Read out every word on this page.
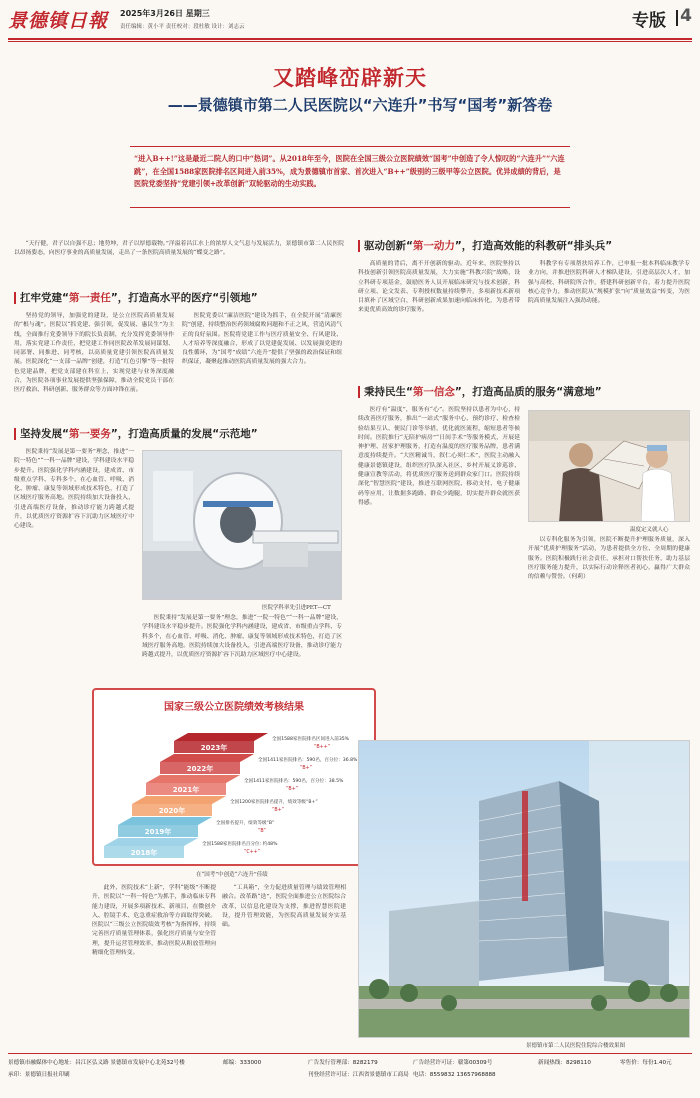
景德镇日報 2025年3月26日 星期三
责任编辑：黄小平 责任校对：段杜敏 设计：刘志云	专版 4
又踏峰峦辟新天
——景德镇市第二人民医院以“六连升”书写“国考”新答卷
“进入B++!”这是最近二院人的口中“热词”。从2018年至今，医院在全国三级公立医院绩效“国考”中创造了令人惊叹的“六连升”“六连跳”，在全国1588家医院排名区间进入前35%，成为景德镇市首家、首次进入“B++”级别的三级甲等公立医院。优异成绩的背后，是医院党委坚持“党建引领+改革创新”双轮驱动的生动实践。

“天行健，君子以自强不息；地势坤，君子以厚德载物。”洋溢着昌江水上的浓厚人文气息与发展活力，景德镇市第二人民医院以昂扬姿态，向医疗事业的高质量发展，走出了一条医院高质量发展的“蝶变之路”。

扛牢党建“第一责任”，打造高水平的医疗“引领地”

坚持党的领导，加强党的建设，是公立医院高质量发展的“根与魂”。医院以“抓党建、强引领，促发展、惠民生”为主线，全面推行党委领导下的院长负责制，充分发挥党委领导作用，落实党建工作责任，把党建工作同医院改革发展同谋划、同部署、同推进、同考核，以高质量党建引领医院高质量发展。医院深化“一支部一品牌”创建，打造“红色引擎”等一批特色党建品牌，把党支部建在科室上，实现党建与业务深度融合，为医院各项事业发展提供坚强保障，推动全院党员干部在医疗救治、科研创新、服务群众等方面冲锋在前。

医院党委以“廉洁医院”建设为抓手，在全院开展“清廉医院”创建，持续整治医药领域腐败问题和不正之风，营造风清气正的良好氛围。医院将党建工作与医疗质量安全、行风建设、人才培养等深度融合，形成了以党建促发展、以发展强党建的良性循环，为“国考”成绩“六连升”提供了坚强的政治保证和组织保证，凝聚起推动医院高质量发展的强大合力。

坚持发展“第一要务”，打造高质量的发展“示范地”

医院秉持“发展是第一要务”理念，推进“一院一特色”“一科一品牌”建设，学科建设水平稳步提升。医院强化学科内涵建设，建成省、市级重点学科、专科多个，在心血管、呼吸、消化、肿瘤、康复等领域形成技术特色，打造了区域医疗服务高地。医院持续加大设备投入，引进高端医疗设备，推动诊疗能力跨越式提升，以优质医疗资源扩容下沉助力区域医疗中心建设。

医院学科率先引进PET—CT

医院秉持“发展是第一要务”理念，推进“一院一特色”“一科一品牌”建设，学科建设水平稳步提升。医院强化学科内涵建设，建成省、市级重点学科、专科多个，在心血管、呼吸、消化、肿瘤、康复等领域形成技术特色，打造了区域医疗服务高地。医院持续加大设备投入，引进高端医疗设备，推动诊疗能力跨越式提升，以优质医疗资源扩容下沉助力区域医疗中心建设。

国家三级公立医院绩效考核结果
2018年
全国1588家医院排名百分位: 约48%
“C++”
2019年
全国排名提升，绩效等级“B”
“B”
2020年
全国1200家医院排名提升，绩效等级“B+”
“B+”
2021年
全国1411家医院排名：590名，百分位：38.5%
“B+”
2022年
全国1411家医院排名：590名，百分位：36.8%
“B+”
2023年
全国1588家医院排名区间进入前35%
“B++”
在“国考”中创造“六连升”佳绩

此外，医院技术“上新”，学科“能级”不断提升，医院以“一科一特色”为抓手，推动临床专科能力建设，开展多项新技术、新项目，在微创介入、腔镜手术、危急重症救治等方面取得突破。医院以“三级公立医院绩效考核”为指挥棒，持续完善医疗质量管理体系，强化医疗质量与安全管理，提升运营管理效率，推动医院从粗放管理向精细化管理转变。

“工具箱”，全力促进质量管理与绩效管理相融合。改革路“迭”，医院全面推进公立医院综合改革，以信息化建设为支撑，推进智慧医院建设，提升管理效能，为医院高质量发展夯实基础。

驱动创新“第一动力”，打造高效能的科教研“排头兵”

高质量的背后，离不开创新的驱动。近年来，医院坚持以科技创新引领医院高质量发展，大力实施“科教兴院”战略，设立科研专项基金，鼓励医务人员开展临床研究与技术创新，科研立项、论文发表、专利授权数量持续攀升，多项新技术新项目填补了区域空白，科研创新成果加速向临床转化，为患者带来更优质高效的诊疗服务。

科教学有专项帮扶培养工作，已申报一批本科临床教学专业方向，并推进医院科研人才梯队建设，引进高层次人才，加强与高校、科研院所合作，搭建科研创新平台，着力提升医院核心竞争力，推动医院从“规模扩张”向“质量效益”转变，为医院高质量发展注入强劲动能。

秉持民生“第一信念”，打造高品质的服务“满意地”

医疗有“温度”，服务有“心”。医院坚持以患者为中心，持续改善医疗服务，推出“一站式”服务中心、预约诊疗、检查检验结果互认、便民门诊等举措，优化就医流程，缩短患者等候时间。医院推行“无陪护病房”“日间手术”等服务模式，开展延伸护理、居家护理服务，打造有温度的医疗服务品牌，患者满意度持续提升。“大医精诚当，叙仁心须仁术”，医院主动融入健康景德镇建设，组织医疗队深入社区、乡村开展义诊巡诊、健康宣教等活动，将优质医疗服务送到群众家门口。医院持续深化“智慧医院”建设，推进互联网医院、移动支付、电子健康码等应用，让数据多跑路、群众少跑腿，切实提升群众就医获得感。

温度定义就人心

以专科化服务为引领，医院不断提升护理服务质量，深入开展“优质护理服务”活动，为患者提供全方位、全周期的健康服务。医院积极践行社会责任，承担对口帮扶任务，助力基层医疗服务能力提升，以实际行动诠释医者初心，赢得广大群众的信赖与赞誉。（何莉）

景德镇市第二人民医院住院综合楼效果图
景德镇市融媒体中心地址：昌江区弘义路 景德镇市发展中心北苑32号楼	邮编：333000	广告发行管理部：8282179	广告经营许可证：赣第00309号	新闻热线：8298110	零售价：每份1.40元
承印：景德镇日报社印刷	刊登经营许可证：江西省景德镇市工商局 电话：8559832 13657968888
